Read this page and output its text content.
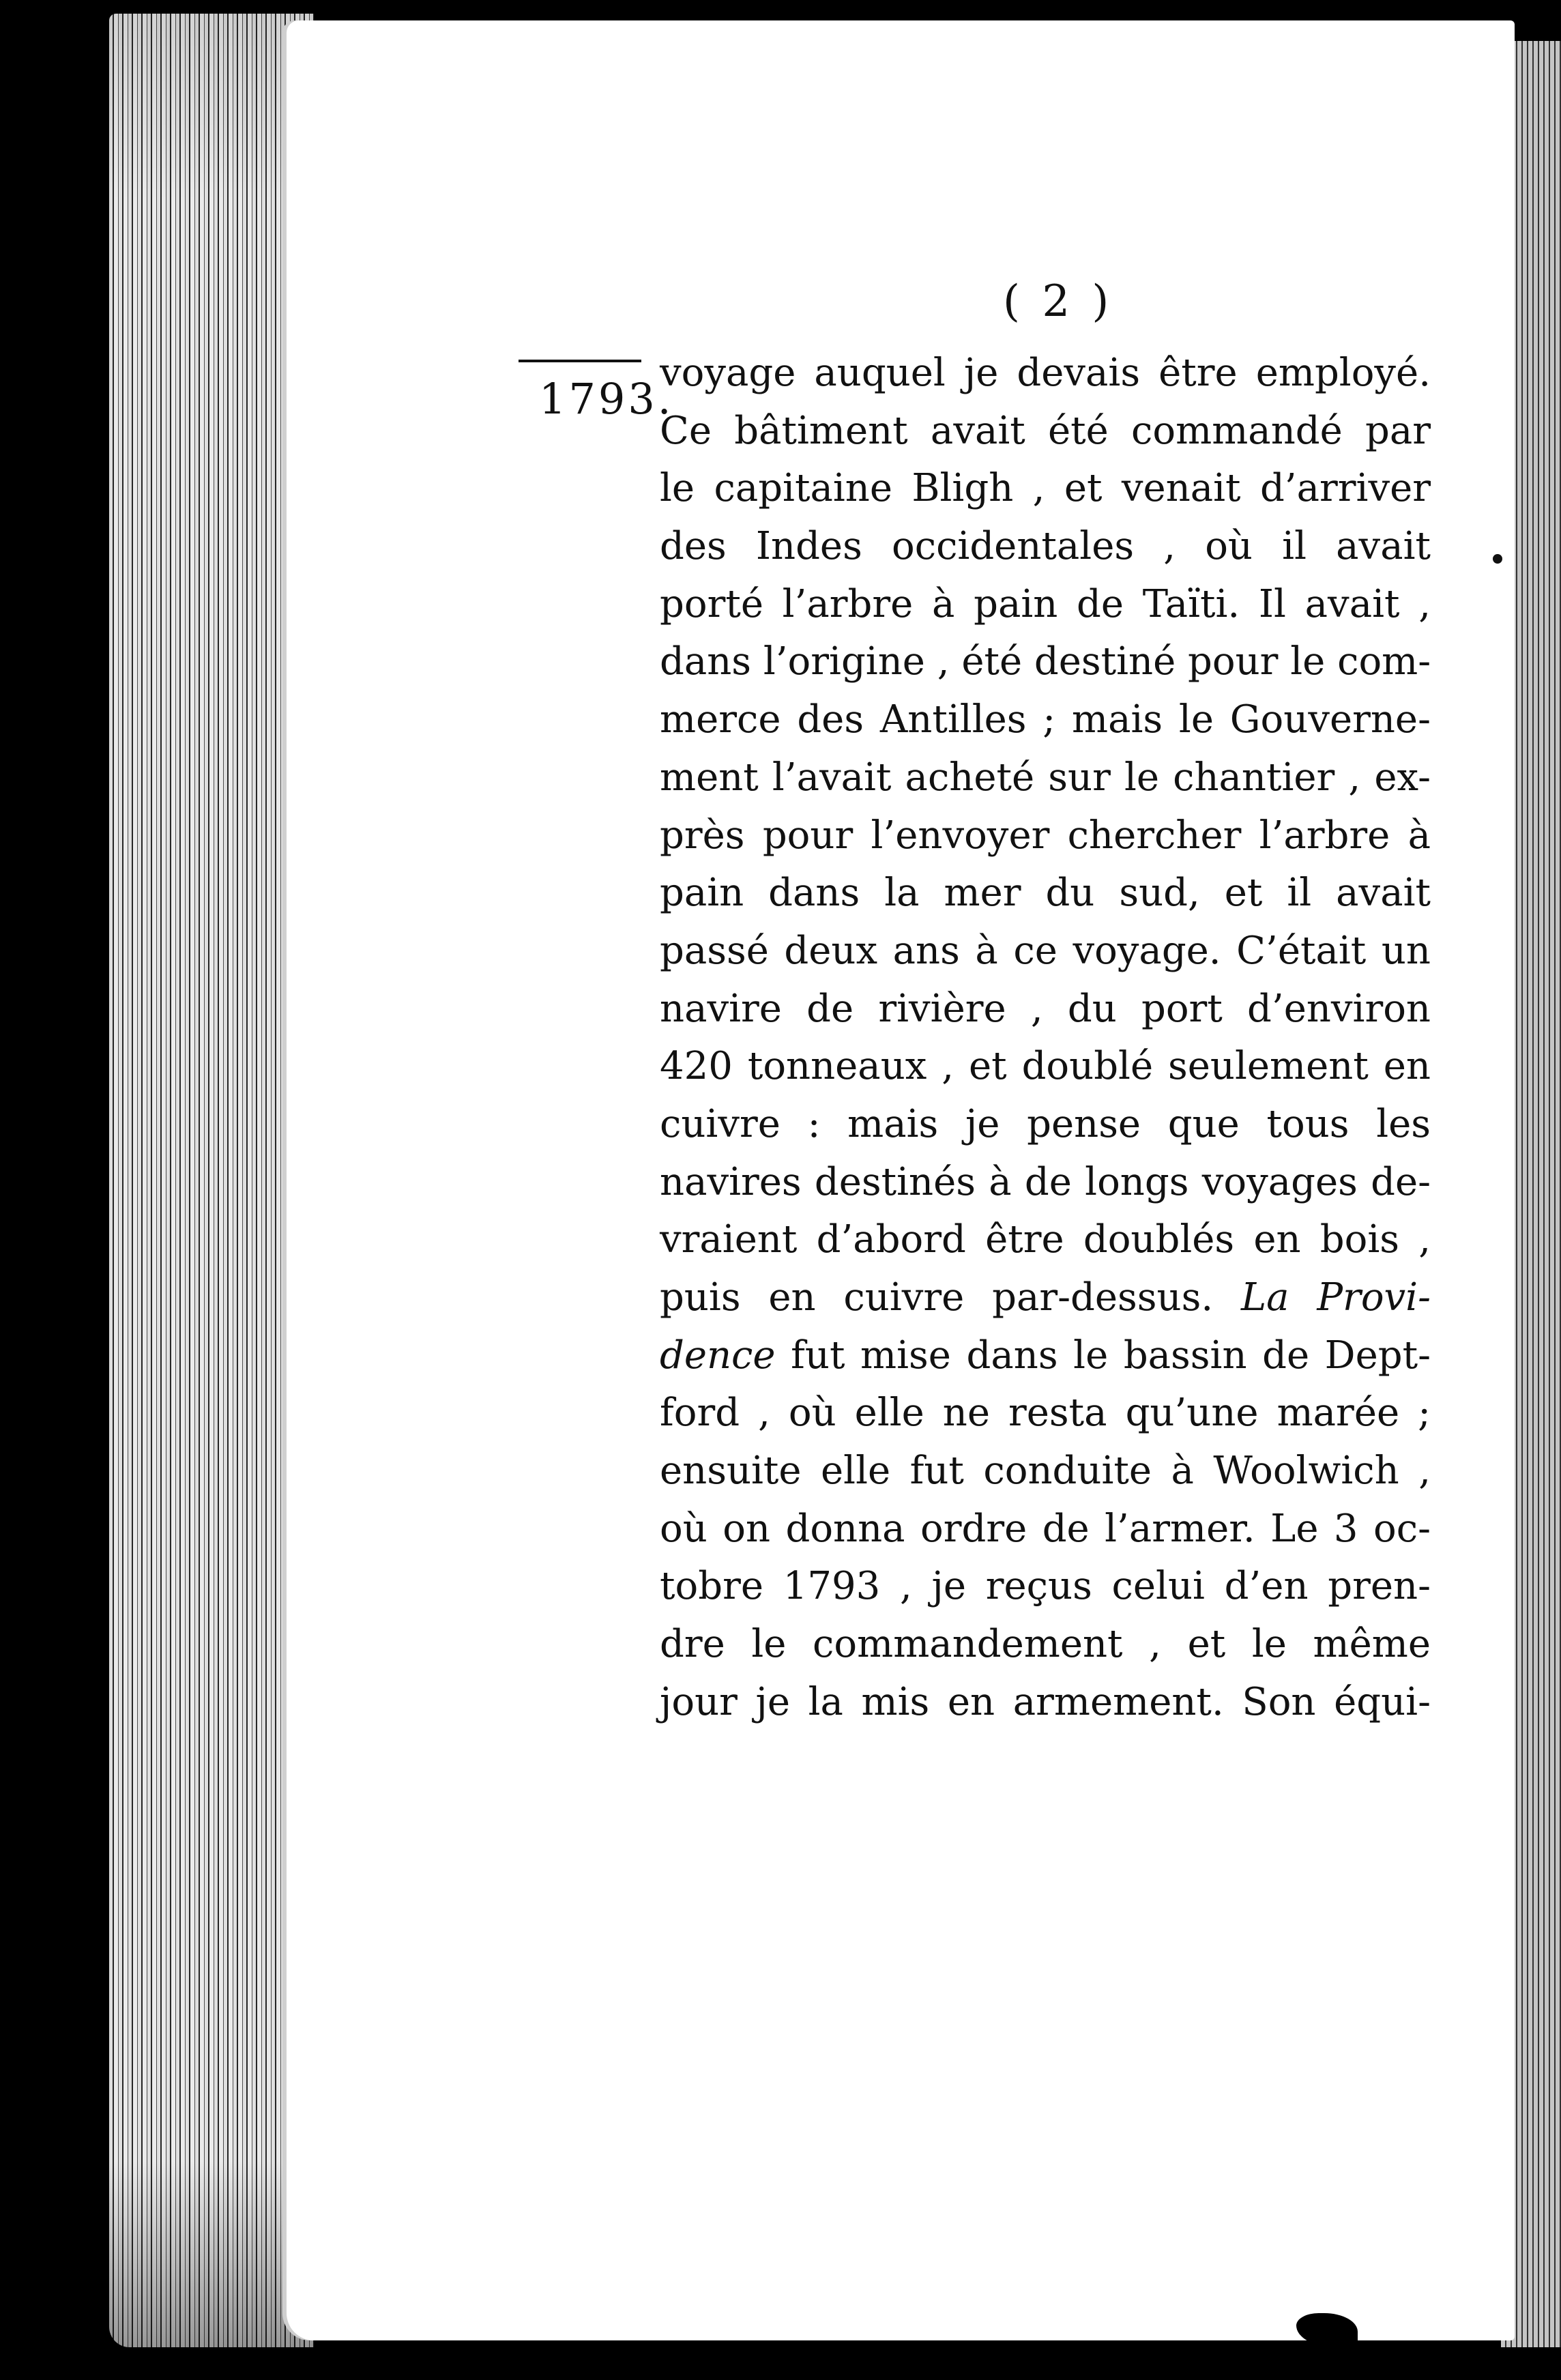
( 2 )
1793.
voyage auquel je devais être employé.
Ce bâtiment avait été commandé par
le capitaine Bligh , et venait d’arriver
des Indes occidentales , où il avait
porté l’arbre à pain de Taïti. Il avait ,
dans l’origine , été destiné pour le com-
merce des Antilles ; mais le Gouverne-
ment l’avait acheté sur le chantier , ex-
près pour l’envoyer chercher l’arbre à
pain dans la mer du sud, et il avait
passé deux ans à ce voyage. C’était un
navire de rivière , du port d’environ
420 tonneaux , et doublé seulement en
cuivre : mais je pense que tous les
navires destinés à de longs voyages de-
vraient d’abord être doublés en bois ,
puis en cuivre par-dessus. La Provi-
dence fut mise dans le bassin de Dept-
ford , où elle ne resta qu’une marée ;
ensuite elle fut conduite à Woolwich ,
où on donna ordre de l’armer. Le 3 oc-
tobre 1793 , je reçus celui d’en pren-
dre le commandement , et le même
jour je la mis en armement. Son équi-
